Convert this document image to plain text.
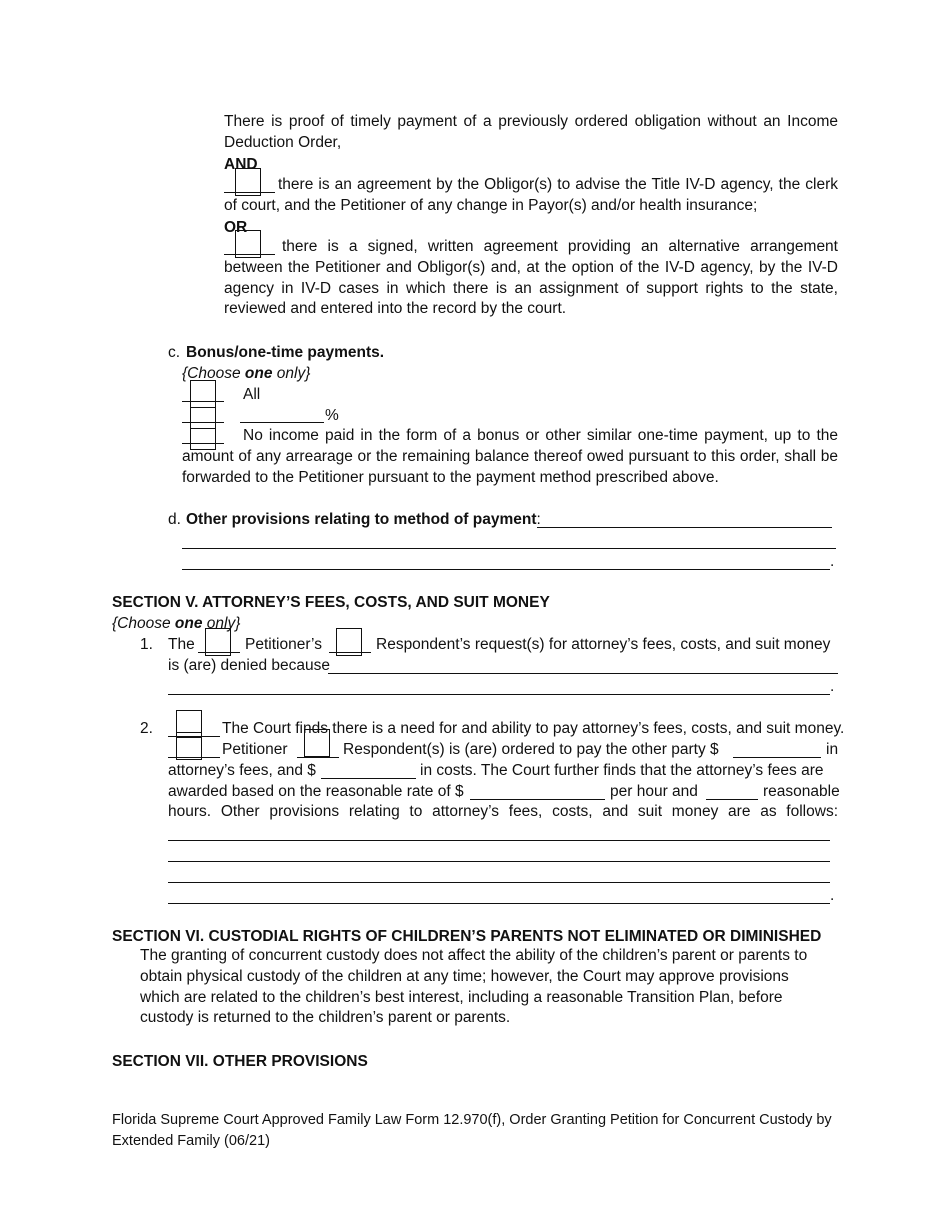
There is proof of timely payment of a previously ordered obligation without an Income Deduction Order,
AND
there is an agreement by the Obligor(s) to advise the Title IV-D agency, the clerk of court, and the Petitioner of any change in Payor(s) and/or health insurance;
OR
there is a signed, written agreement providing an alternative arrangement between the Petitioner and Obligor(s) and, at the option of the IV-D agency, by the IV-D agency in IV-D cases in which there is an assignment of support rights to the state, reviewed and entered into the record by the court.
c. Bonus/one-time payments.
{Choose one only}
All
%
No income paid in the form of a bonus or other similar one-time payment, up to the amount of any arrearage or the remaining balance thereof owed pursuant to this order, shall be forwarded to the Petitioner pursuant to the payment method prescribed above.
d. Other provisions relating to method of payment:
.
SECTION V. ATTORNEY’S FEES, COSTS, AND SUIT MONEY
{Choose one only}
1. The	Petitioner’s	Respondent’s request(s) for attorney’s fees, costs, and suit money
is (are) denied because
.
2.	The Court finds there is a need for and ability to pay attorney’s fees, costs, and suit money.
Petitioner	Respondent(s) is (are) ordered to pay the other party $	in
attorney’s fees, and $	in costs. The Court further finds that the attorney’s fees are
awarded based on the reasonable rate of $	per hour and	reasonable
hours. Other provisions relating to attorney’s fees, costs, and suit money are as follows:
.
SECTION VI. CUSTODIAL RIGHTS OF CHILDREN’S PARENTS NOT ELIMINATED OR DIMINISHED
The granting of concurrent custody does not affect the ability of the children’s parent or parents to obtain physical custody of the children at any time; however, the Court may approve provisions which are related to the children’s best interest, including a reasonable Transition Plan, before custody is returned to the children’s parent or parents.
SECTION VII. OTHER PROVISIONS
Florida Supreme Court Approved Family Law Form 12.970(f), Order Granting Petition for Concurrent Custody by Extended Family (06/21)
